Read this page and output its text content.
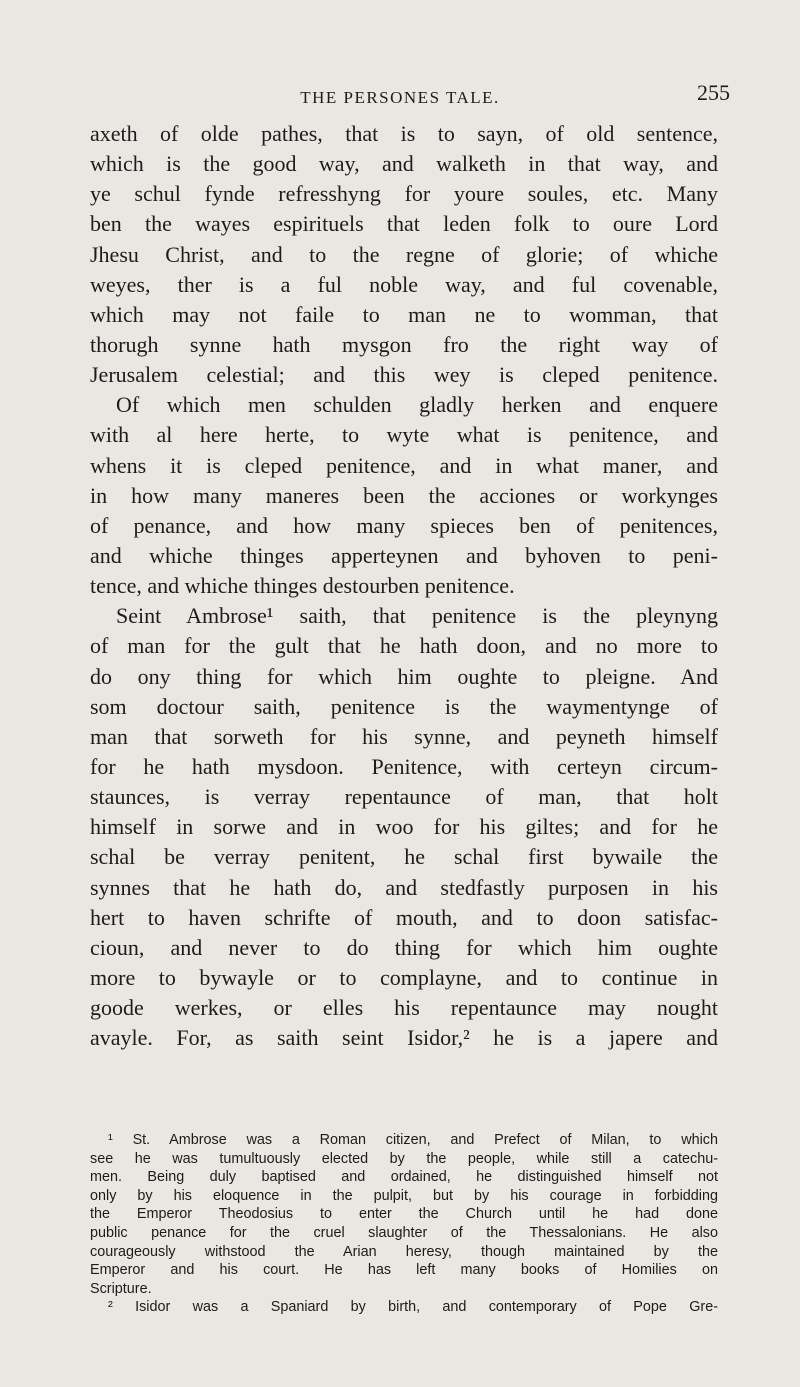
THE PERSONES TALE.	255
axeth of olde pathes, that is to sayn, of old sentence,
which is the good way, and walketh in that way, and
ye schul fynde refresshyng for youre soules, etc. Many
ben the wayes espirituels that leden folk to oure Lord
Jhesu Christ, and to the regne of glorie; of whiche
weyes, ther is a ful noble way, and ful covenable,
which may not faile to man ne to womman, that
thorugh synne hath mysgon fro the right way of
Jerusalem celestial; and this wey is cleped penitence.
Of which men schulden gladly herken and enquere
with al here herte, to wyte what is penitence, and
whens it is cleped penitence, and in what maner, and
in how many maneres been the acciones or workynges
of penance, and how many spieces ben of penitences,
and whiche thinges apperteynen and byhoven to peni-
tence, and whiche thinges destourben penitence.
Seint Ambrose¹ saith, that penitence is the pleynyng
of man for the gult that he hath doon, and no more to
do ony thing for which him oughte to pleigne. And
som doctour saith, penitence is the waymentynge of
man that sorweth for his synne, and peyneth himself
for he hath mysdoon. Penitence, with certeyn circum-
staunces, is verray repentaunce of man, that holt
himself in sorwe and in woo for his giltes; and for he
schal be verray penitent, he schal first bywaile the
synnes that he hath do, and stedfastly purposen in his
hert to haven schrifte of mouth, and to doon satisfac-
cioun, and never to do thing for which him oughte
more to bywayle or to complayne, and to continue in
goode werkes, or elles his repentaunce may nought
avayle. For, as saith seint Isidor,² he is a japere and
¹ St. Ambrose was a Roman citizen, and Prefect of Milan, to which
see he was tumultuously elected by the people, while still a catechu-
men. Being duly baptised and ordained, he distinguished himself not
only by his eloquence in the pulpit, but by his courage in forbidding
the Emperor Theodosius to enter the Church until he had done
public penance for the cruel slaughter of the Thessalonians. He also
courageously withstood the Arian heresy, though maintained by the
Emperor and his court. He has left many books of Homilies on
Scripture.
² Isidor was a Spaniard by birth, and contemporary of Pope Gre-
